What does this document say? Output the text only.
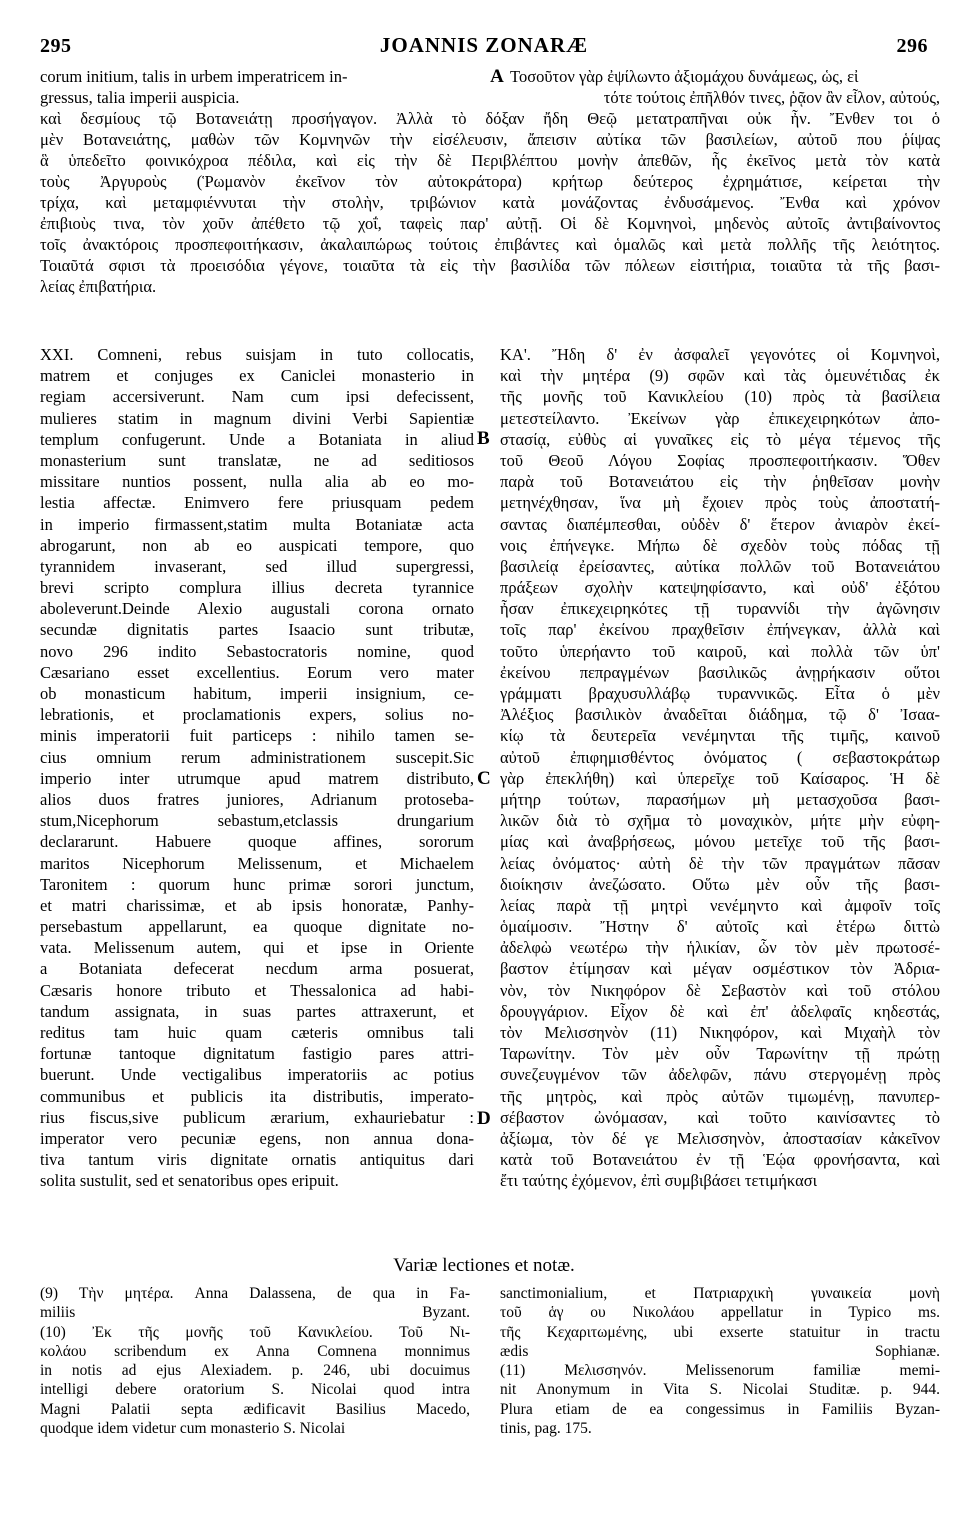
295	JOANNIS ZONARÆ	296
corum initium, talis in urbem imperatricem in-	A Τοσοῦτον γὰρ ἐψίλωντο ἀξιομάχου δυνάμεως, ὡς, εἰ
gressus, talia imperii auspicia.	τότε τούτοις ἐπῆλθόν τινες, ῥᾷον ἂν εἷλον, αὐτούς,
καὶ δεσμίους τῷ Βοτανειάτῃ προσήγαγον. Ἀλλὰ τὸ δόξαν ἤδη Θεῷ μετατραπῆναι οὐκ ἦν. Ἔνθεν τοι ὁ
μὲν Βοτανειάτης, μαθὼν τῶν Κομνηνῶν τὴν εἰσέλευσιν, ἄπεισιν αὐτίκα τῶν βασιλείων, αὐτοῦ που ῥίψας
ἃ ὑπεδεῖτο φοινικόχροα πέδιλα, καὶ εἰς τὴν δὲ Περιβλέπτου μονὴν ἀπεθῶν, ἧς ἐκεῖνος μετὰ τὸν κατὰ
τοὺς Ἀργυροὺς (Ῥωμανὸν ἐκεῖνον τὸν αὐτοκράτορα) κρήτωρ δεύτερος ἐχρημάτισε, κείρεται τὴν
τρίχα, καὶ μεταμφιέννυται τὴν στολὴν, τριβώνιον κατὰ μονάζοντας ἐνδυσάμενος. Ἔνθα καὶ χρόνον
ἐπιβιοὺς τινα, τὸν χοῦν ἀπέθετο τῷ χοΐ, ταφεὶς παρ' αὐτῇ. Οἱ δὲ Κομνηνοὶ, μηδενὸς αὐτοῖς ἀντιβαίνοντος
τοῖς ἀνακτόροις προσπεφοιτήκασιν, ἀκαλαιπώρως τούτοις ἐπιβάντες καὶ ὁμαλῶς καὶ μετὰ πολλῆς τῆς λειότητος.
Τοιαῦτά σφισι τὰ προεισόδια γέγονε, τοιαῦτα τὰ εἰς τὴν βασιλίδα τῶν πόλεων εἰσιτήρια, τοιαῦτα τὰ τῆς βασι-
λείας ἐπιβατήρια.
XXI. Comneni, rebus suisjam in tuto collocatis,
matrem et conjuges ex Caniclei monasterio in
regiam accersiverunt. Nam cum ipsi defecissent,
mulieres statim in magnum divini Verbi Sapientiæ
templum confugerunt. Unde a Botaniata in aliud
monasterium sunt translatæ, ne ad seditiosos
missitare nuntios possent, nulla alia ab eo mo-
lestia affectæ. Enimvero fere priusquam pedem
in imperio firmassent,statim multa Botaniatæ acta
abrogarunt, non ab eo auspicati tempore, quo
tyrannidem invaserant, sed illud supergressi,
brevi scripto complura illius decreta tyrannice
aboleverunt.Deinde Alexio augustali corona ornato
secundæ dignitatis partes Isaacio sunt tributæ,
novo 296 indito Sebastocratoris nomine, quod
Cæsariano esset excellentius. Eorum vero mater
ob monasticum habitum, imperii insignium, ce-
lebrationis, et proclamationis expers, solius no-
minis imperatorii fuit particeps : nihilo tamen se-
cius omnium rerum administrationem suscepit.Sic
imperio inter utrumque apud matrem distributo,
alios duos fratres juniores, Adrianum protoseba-
stum,Nicephorum sebastum,etclassis drungarium
declararunt. Habuere quoque affines, sororum
maritos Nicephorum Melissenum, et Michaelem
Taronitem : quorum hunc primæ sorori junctum,
et matri charissimæ, et ab ipsis honoratæ, Panhy-
persebastum appellarunt, ea quoque dignitate no-
vata. Melissenum autem, qui et ipse in Oriente
a Botaniata defecerat necdum arma posuerat,
Cæsaris honore tributo et Thessalonica ad habi-
tandum assignata, in suas partes attraxerunt, et
reditus tam huic quam cæteris omnibus tali
fortunæ tantoque dignitatum fastigio pares attri-
buerunt. Unde vectigalibus imperatoriis ac potius
communibus et publicis ita distributis, imperato-
rius fiscus,sive publicum ærarium, exhauriebatur :
imperator vero pecuniæ egens, non annua dona-
tiva tantum viris dignitate ornatis antiquitus dari
solita sustulit, sed et senatoribus opes eripuit.
ΚΑ'. Ἤδη δ' ἐν ἀσφαλεῖ γεγονότες οἱ Κομνηνοὶ,
καὶ τὴν μητέρα (9) σφῶν καὶ τὰς ὁμευνέτιδας ἐκ
τῆς μονῆς τοῦ Κανικλείου (10) πρὸς τὰ βασίλεια
μετεστείλαντο. Ἐκείνων γὰρ ἐπικεχειρηκότων ἀπο-
στασίᾳ, εὐθὺς αἱ γυναῖκες εἰς τὸ μέγα τέμενος τῆς
τοῦ Θεοῦ Λόγου Σοφίας προσπεφοιτήκασιν. Ὅθεν
παρὰ τοῦ Βοτανειάτου εἰς τὴν ῥηθεῖσαν μονὴν
μετηνέχθησαν, ἵνα μὴ ἔχοιεν πρὸς τοὺς ἀποστατή-
σαντας διαπέμπεσθαι, οὐδὲν δ' ἕτερον ἀνιαρὸν ἐκεί-
νοις ἐπήνεγκε. Μήπω δὲ σχεδὸν τοὺς πόδας τῇ
βασιλείᾳ ἐρείσαντες, αὐτίκα πολλῶν τοῦ Βοτανειάτου
πράξεων σχολὴν κατεψηφίσαντο, καὶ οὐδ' ἐξότου
ἦσαν ἐπικεχειρηκότες τῇ τυραννίδι τὴν ἀγῶνησιν
τοῖς παρ' ἐκείνου πραχθεῖσιν ἐπήνεγκαν, ἀλλὰ καὶ
τοῦτο ὑπερήαντο τοῦ καιροῦ, καὶ πολλὰ τῶν ὑπ'
ἐκείνου πεπραγμένων βασιλικῶς ἀνῃρήκασιν οὕτοι
γράμματι βραχυσυλλάβῳ τυραννικῶς. Εἶτα ὁ μὲν
Ἀλέξιος βασιλικὸν ἀναδεῖται διάδημα, τῷ δ' Ἰσαα-
κίῳ τὰ δευτερεῖα νενέμηνται τῆς τιμῆς, καινοῦ
αὐτοῦ ἐπιφημισθέντος ὀνόματος ( σεβαστοκράτωρ
γὰρ ἐπεκλήθη) καὶ ὑπερεῖχε τοῦ Καίσαρος. Ἡ δὲ
μήτηρ τούτων, παρασήμων μὴ μετασχοῦσα βασι-
λικῶν διὰ τὸ σχῆμα τὸ μοναχικὸν, μήτε μὴν εὐφη-
μίας καὶ ἀναβρήσεως, μόνου μετεῖχε τοῦ τῆς βασι-
λείας ὀνόματος· αὐτὴ δὲ τὴν τῶν πραγμάτων πᾶσαν
διοίκησιν ἀνεζώσατο. Οὕτω μὲν οὖν τῆς βασι-
λείας παρὰ τῇ μητρὶ νενέμηντο καὶ ἀμφοῖν τοῖς
ὁμαίμοσιν. Ἤστην δ' αὐτοῖς καὶ ἑτέρω διττὼ
ἀδελφὼ νεωτέρω τὴν ἡλικίαν, ὧν τὸν μὲν πρωτοσέ-
βαστον ἐτίμησαν καὶ μέγαν οσμέστικον τὸν Ἀδρια-
νὸν, τὸν Νικηφόρον δὲ Σεβαστὸν καὶ τοῦ στόλου
δρουγγάριον. Εἶχον δὲ καὶ ἐπ' ἀδελφαῖς κηδεστάς,
τὸν Μελισσηνὸν (11) Νικηφόρον, καὶ Μιχαὴλ τὸν
Ταρωνίτην. Τὸν μὲν οὖν Ταρωνίτην τῇ πρώτῃ
συνεζευγμένον τῶν ἀδελφῶν, πάνυ στεργομένῃ πρὸς
τῆς μητρὸς, καὶ πρὸς αὐτῶν τιμωμένῃ, πανυπερ-
σέβαστον ὠνόμασαν, καὶ τοῦτο καινίσαντες τὸ
ἀξίωμα, τὸν δέ γε Μελισσηνὸν, ἀποστασίαν κἀκεῖνον
κατὰ τοῦ Βοτανειάτου ἐν τῇ Ἑῴα φρονήσαντα, καὶ
ἔτι ταύτης ἐχόμενον, ἐπὶ συμβιβάσει τετιμήκασι
B
C
D
Variæ lectiones et notæ.
(9) Τὴν μητέρα. Anna Dalassena, de qua in Fa-
miliis Byzant.
(10) Ἐκ τῆς μονῆς τοῦ Κανικλείου. Τοῦ Νι-
κολάου scribendum ex Anna Comnena monnimus
in notis ad ejus Alexiadem. p. 246, ubi docuimus
intelligi debere oratorium S. Nicolai quod intra
Magni Palatii septa ædificavit Basilius Macedo,
quodque idem videtur cum monasterio S. Nicolai
sanctimonialium, et Πατριαρχικὴ γυναικεία μονὴ
τοῦ ἁγ ου Νικολάου appellatur in Typico ms.
τῆς Κεχαριτωμένης, ubi exserte statuitur in tractu
ædis Sophianæ.
(11) Μελισσηνόν. Melissenorum familiæ memi-
nit Anonymum in Vita S. Nicolai Studitæ. p. 944.
Plura etiam de ea congessimus in Familiis Byzan-
tinis, pag. 175.
